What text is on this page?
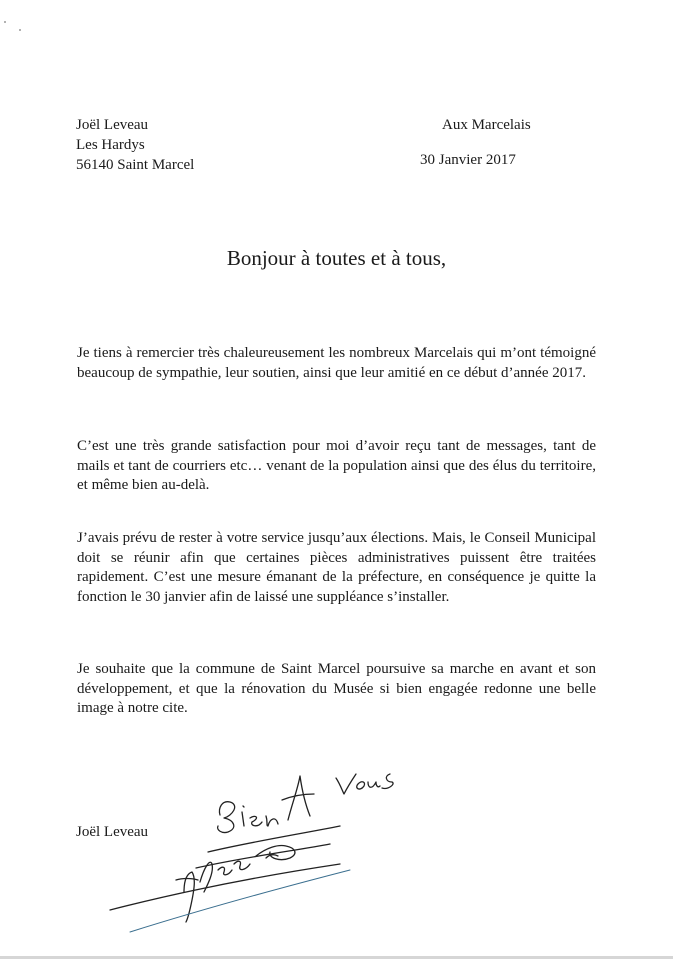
Joël Leveau
Les Hardys
56140 Saint Marcel
Aux Marcelais
30 Janvier 2017
Bonjour à toutes et à tous,

Je tiens à remercier très chaleureusement les nombreux Marcelais qui m’ont témoigné beaucoup de sympathie, leur soutien, ainsi que leur amitié en ce début d’année 2017.

C’est une très grande satisfaction pour moi d’avoir reçu tant de messages, tant de mails et tant de courriers etc… venant de la population ainsi que des élus du territoire, et même bien au-delà.

J’avais prévu de rester à votre service jusqu’aux élections. Mais, le Conseil Municipal doit se réunir afin que certaines pièces administratives puissent être traitées rapidement. C’est une mesure émanant de la préfecture, en conséquence je quitte la fonction le 30 janvier afin de laissé une suppléance s’installer.

Je souhaite que la commune de Saint Marcel poursuive sa marche en avant et son développement, et que la rénovation du Musée si bien engagée redonne une belle image à notre cite.

Joël Leveau
